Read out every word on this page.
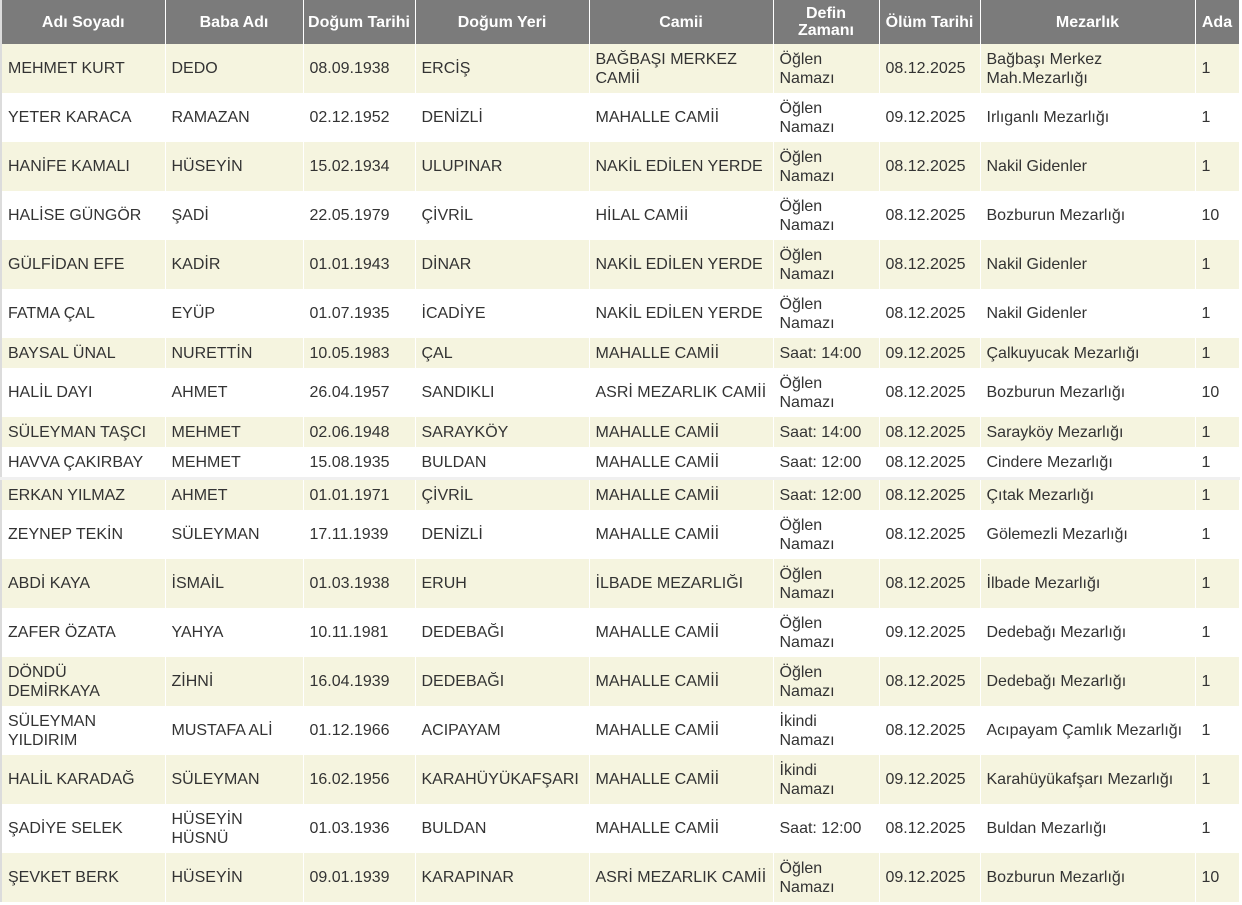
Adı Soyadı	Baba Adı	Doğum Tarihi	Doğum Yeri	Camii	Defin Zamanı	Ölüm Tarihi	Mezarlık	Ada	
MEHMET KURT	DEDO	08.09.1938	ERCİŞ	BAĞBAŞI MERKEZ CAMİİ	Öğlen Namazı	08.12.2025	Bağbaşı Merkez Mah.Mezarlığı	1	
YETER KARACA	RAMAZAN	02.12.1952	DENİZLİ	MAHALLE CAMİİ	Öğlen Namazı	09.12.2025	Irlıganlı Mezarlığı	1	
HANİFE KAMALI	HÜSEYİN	15.02.1934	ULUPINAR	NAKİL EDİLEN YERDE	Öğlen Namazı	08.12.2025	Nakil Gidenler	1	
HALİSE GÜNGÖR	ŞADİ	22.05.1979	ÇİVRİL	HİLAL CAMİİ	Öğlen Namazı	08.12.2025	Bozburun Mezarlığı	10	
GÜLFİDAN EFE	KADİR	01.01.1943	DİNAR	NAKİL EDİLEN YERDE	Öğlen Namazı	08.12.2025	Nakil Gidenler	1	
FATMA ÇAL	EYÜP	01.07.1935	İCADİYE	NAKİL EDİLEN YERDE	Öğlen Namazı	08.12.2025	Nakil Gidenler	1	
BAYSAL ÜNAL	NURETTİN	10.05.1983	ÇAL	MAHALLE CAMİİ	Saat: 14:00	09.12.2025	Çalkuyucak Mezarlığı	1	
HALİL DAYI	AHMET	26.04.1957	SANDIKLI	ASRİ MEZARLIK CAMİİ	Öğlen Namazı	08.12.2025	Bozburun Mezarlığı	10	
SÜLEYMAN TAŞCI	MEHMET	02.06.1948	SARAYKÖY	MAHALLE CAMİİ	Saat: 14:00	08.12.2025	Sarayköy Mezarlığı	1	
HAVVA ÇAKIRBAY	MEHMET	15.08.1935	BULDAN	MAHALLE CAMİİ	Saat: 12:00	08.12.2025	Cindere Mezarlığı	1	
ERKAN YILMAZ	AHMET	01.01.1971	ÇİVRİL	MAHALLE CAMİİ	Saat: 12:00	08.12.2025	Çıtak Mezarlığı	1	
ZEYNEP TEKİN	SÜLEYMAN	17.11.1939	DENİZLİ	MAHALLE CAMİİ	Öğlen Namazı	08.12.2025	Gölemezli Mezarlığı	1	
ABDİ KAYA	İSMAİL	01.03.1938	ERUH	İLBADE MEZARLIĞI	Öğlen Namazı	08.12.2025	İlbade Mezarlığı	1	
ZAFER ÖZATA	YAHYA	10.11.1981	DEDEBAĞI	MAHALLE CAMİİ	Öğlen Namazı	09.12.2025	Dedebağı Mezarlığı	1	
DÖNDÜ DEMİRKAYA	ZİHNİ	16.04.1939	DEDEBAĞI	MAHALLE CAMİİ	Öğlen Namazı	08.12.2025	Dedebağı Mezarlığı	1	
SÜLEYMAN YILDIRIM	MUSTAFA ALİ	01.12.1966	ACIPAYAM	MAHALLE CAMİİ	İkindi Namazı	08.12.2025	Acıpayam Çamlık Mezarlığı	1	
HALİL KARADAĞ	SÜLEYMAN	16.02.1956	KARAHÜYÜKAFŞARI	MAHALLE CAMİİ	İkindi Namazı	09.12.2025	Karahüyükafşarı Mezarlığı	1	
ŞADİYE SELEK	HÜSEYİN HÜSNÜ	01.03.1936	BULDAN	MAHALLE CAMİİ	Saat: 12:00	08.12.2025	Buldan Mezarlığı	1	
ŞEVKET BERK	HÜSEYİN	09.01.1939	KARAPINAR	ASRİ MEZARLIK CAMİİ	Öğlen Namazı	09.12.2025	Bozburun Mezarlığı	10	
